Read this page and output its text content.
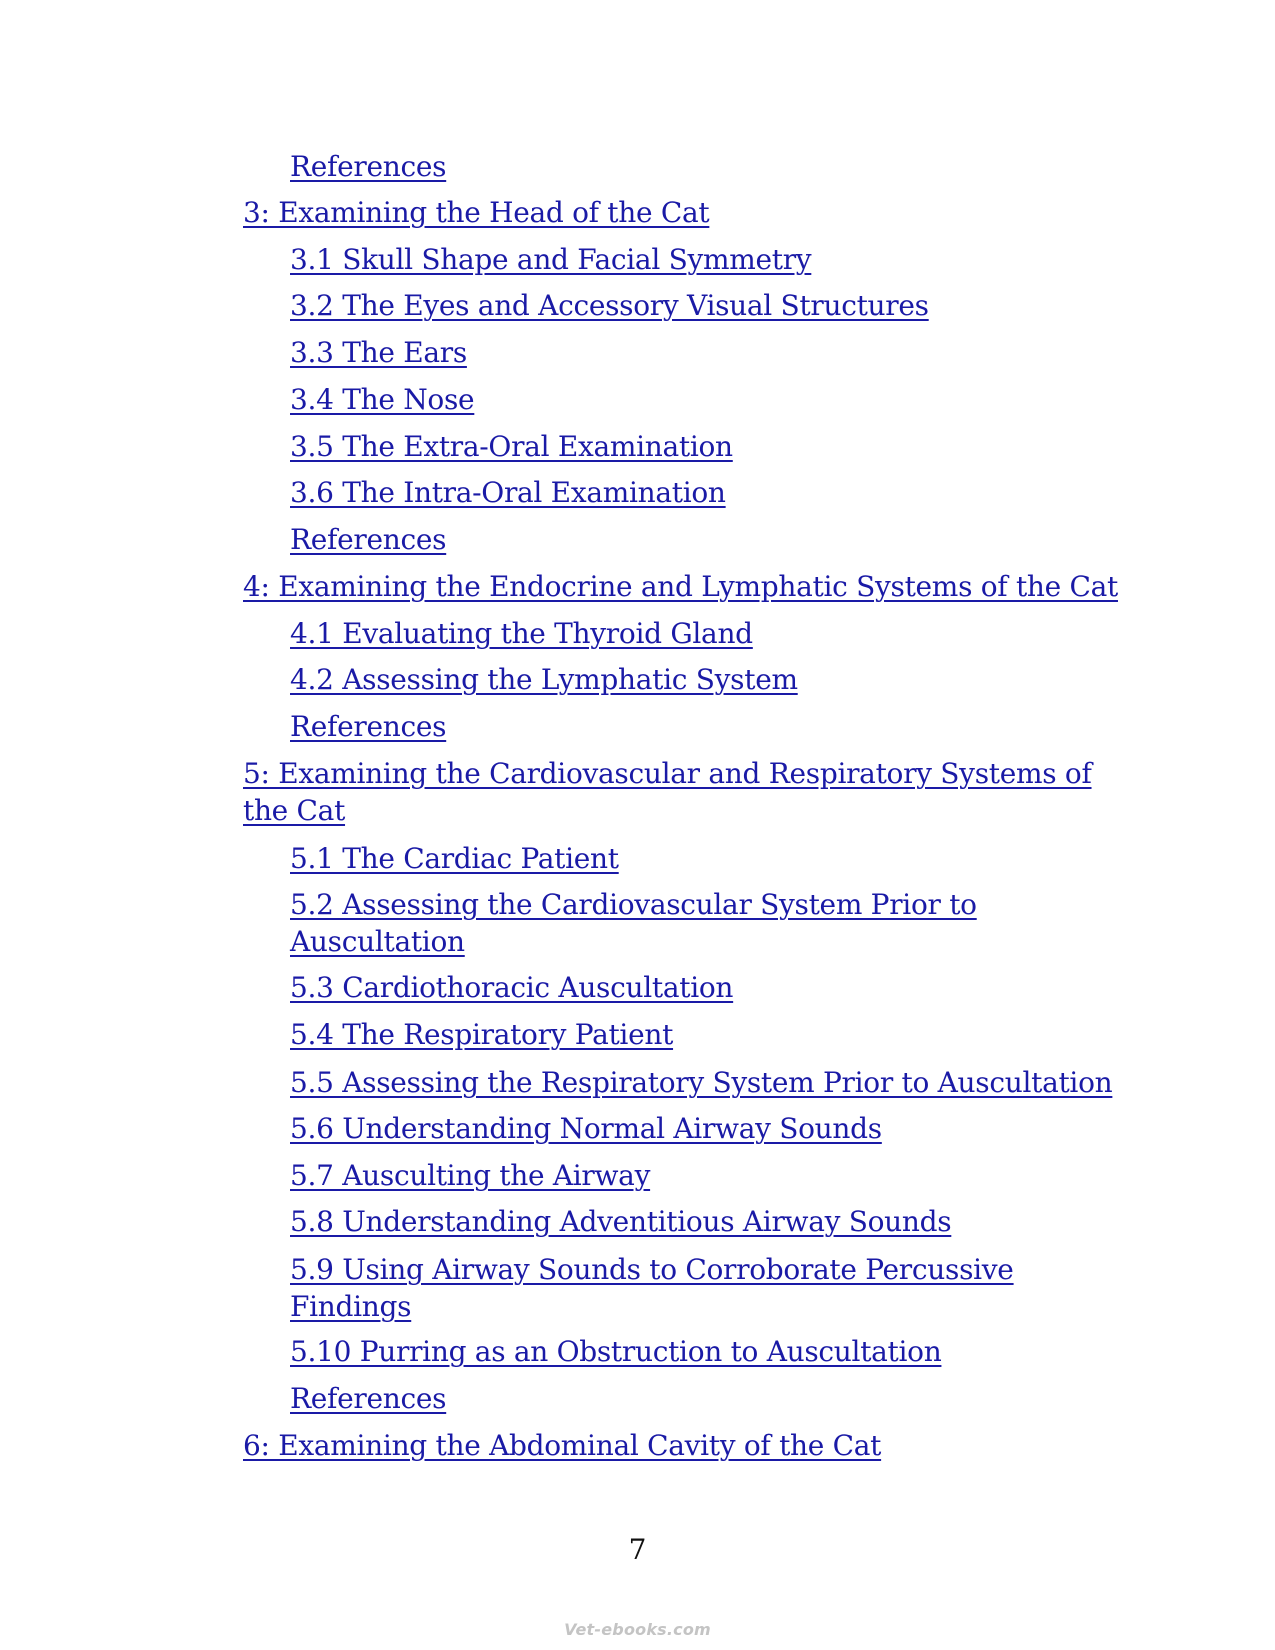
References
3: Examining the Head of the Cat
3.1 Skull Shape and Facial Symmetry
3.2 The Eyes and Accessory Visual Structures
3.3 The Ears
3.4 The Nose
3.5 The Extra-Oral Examination
3.6 The Intra-Oral Examination
References
4: Examining the Endocrine and Lymphatic Systems of the Cat
4.1 Evaluating the Thyroid Gland
4.2 Assessing the Lymphatic System
References
5: Examining the Cardiovascular and Respiratory Systems of
the Cat
5.1 The Cardiac Patient
5.2 Assessing the Cardiovascular System Prior to
Auscultation
5.3 Cardiothoracic Auscultation
5.4 The Respiratory Patient
5.5 Assessing the Respiratory System Prior to Auscultation
5.6 Understanding Normal Airway Sounds
5.7 Ausculting the Airway
5.8 Understanding Adventitious Airway Sounds
5.9 Using Airway Sounds to Corroborate Percussive
Findings
5.10 Purring as an Obstruction to Auscultation
References
6: Examining the Abdominal Cavity of the Cat
7
Vet-ebooks.com
